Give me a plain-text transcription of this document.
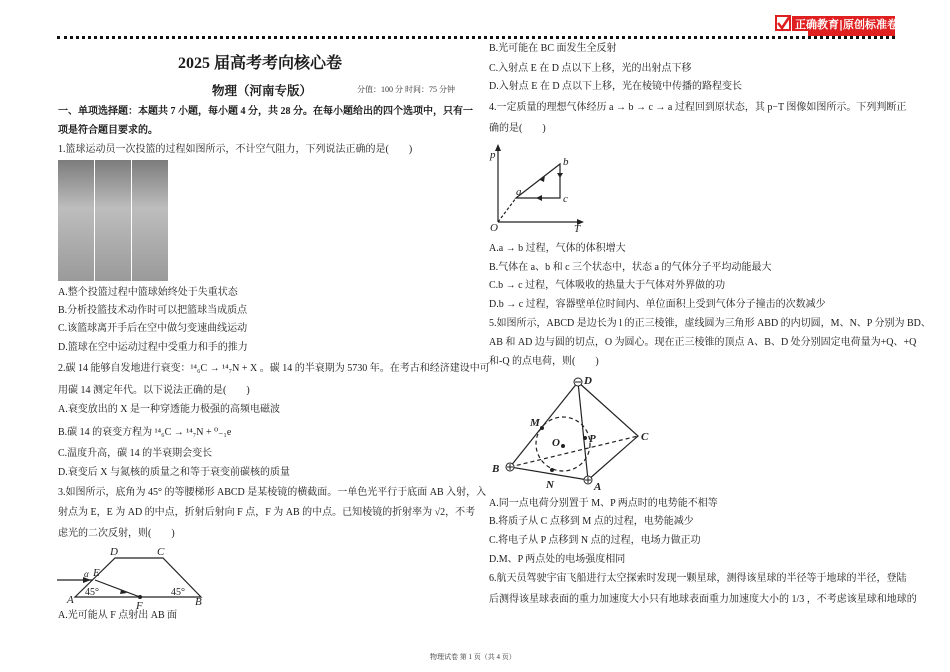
正确教育|原创标准卷
2025 届高考考向核心卷
物理（河南专版）	分值：100 分 时间：75 分钟
一、单项选择题：本题共 7 小题，每小题 4 分，共 28 分。在每小题给出的四个选项中，只有一
项是符合题目要求的。
1.篮球运动员一次投篮的过程如图所示，不计空气阻力，下列说法正确的是(　　)
A.整个投篮过程中篮球始终处于失重状态
B.分析投篮技术动作时可以把篮球当成质点
C.该篮球离开手后在空中做匀变速曲线运动
D.篮球在空中运动过程中受重力和手的推力
2.碳 14 能够自发地进行衰变：¹⁴₆C → ¹⁴₇N + X 。碳 14 的半衰期为 5730 年。在考古和经济建设中可
用碳 14 测定年代。以下说法正确的是(　　)
A.衰变放出的 X 是一种穿透能力极强的高频电磁波
B.碳 14 的衰变方程为 ¹⁴₆C → ¹⁴₇N + ⁰₋₁e
C.温度升高，碳 14 的半衰期会变长
D.衰变后 X 与氮核的质量之和等于衰变前碳核的质量
3.如图所示，底角为 45° 的等腰梯形 ABCD 是某棱镜的横截面。一单色光平行于底面 AB 入射，入
射点为 E，E 为 AD 的中点，折射后射向 F 点，F 为 AB 的中点。已知棱镜的折射率为 √2，不考
虑光的二次反射，则(　　)
D	C
E
α
A	F	B
45°	45°
A.光可能从 F 点射出 AB 面
B.光可能在 BC 面发生全反射
C.入射点 E 在 D 点以下上移，光的出射点下移
D.入射点 E 在 D 点以下上移，光在棱镜中传播的路程变长
4.一定质量的理想气体经历 a → b → c → a 过程回到原状态，其 p−T 图像如图所示。下列判断正
确的是(　　)
p
T
O
a
b
c
A.a → b 过程，气体的体积增大
B.气体在 a、b 和 c 三个状态中，状态 a 的气体分子平均动能最大
C.b → c 过程，气体吸收的热量大于气体对外界做的功
D.b → c 过程，容器壁单位时间内、单位面积上受到气体分子撞击的次数减少
5.如图所示，ABCD 是边长为 l 的正三棱锥，虚线圆为三角形 ABD 的内切圆，M、N、P 分别为 BD、
AB 和 AD 边与圆的切点，O 为圆心。现在正三棱锥的顶点 A、B、D 处分别固定电荷量为+Q、+Q
和-Q 的点电荷，则(　　)
D
M
O	P	C
B
N	A
A.同一点电荷分别置于 M、P 两点时的电势能不相等
B.将质子从 C 点移到 M 点的过程，电势能减少
C.将电子从 P 点移到 N 点的过程，电场力做正功
D.M、P 两点处的电场强度相同
6.航天员驾驶宇宙飞船进行太空探索时发现一颗星球，测得该星球的半径等于地球的半径，登陆
后测得该星球表面的重力加速度大小只有地球表面重力加速度大小的 1/3 ，不考虑该星球和地球的
物理试卷 第 1 页（共 4 页）
